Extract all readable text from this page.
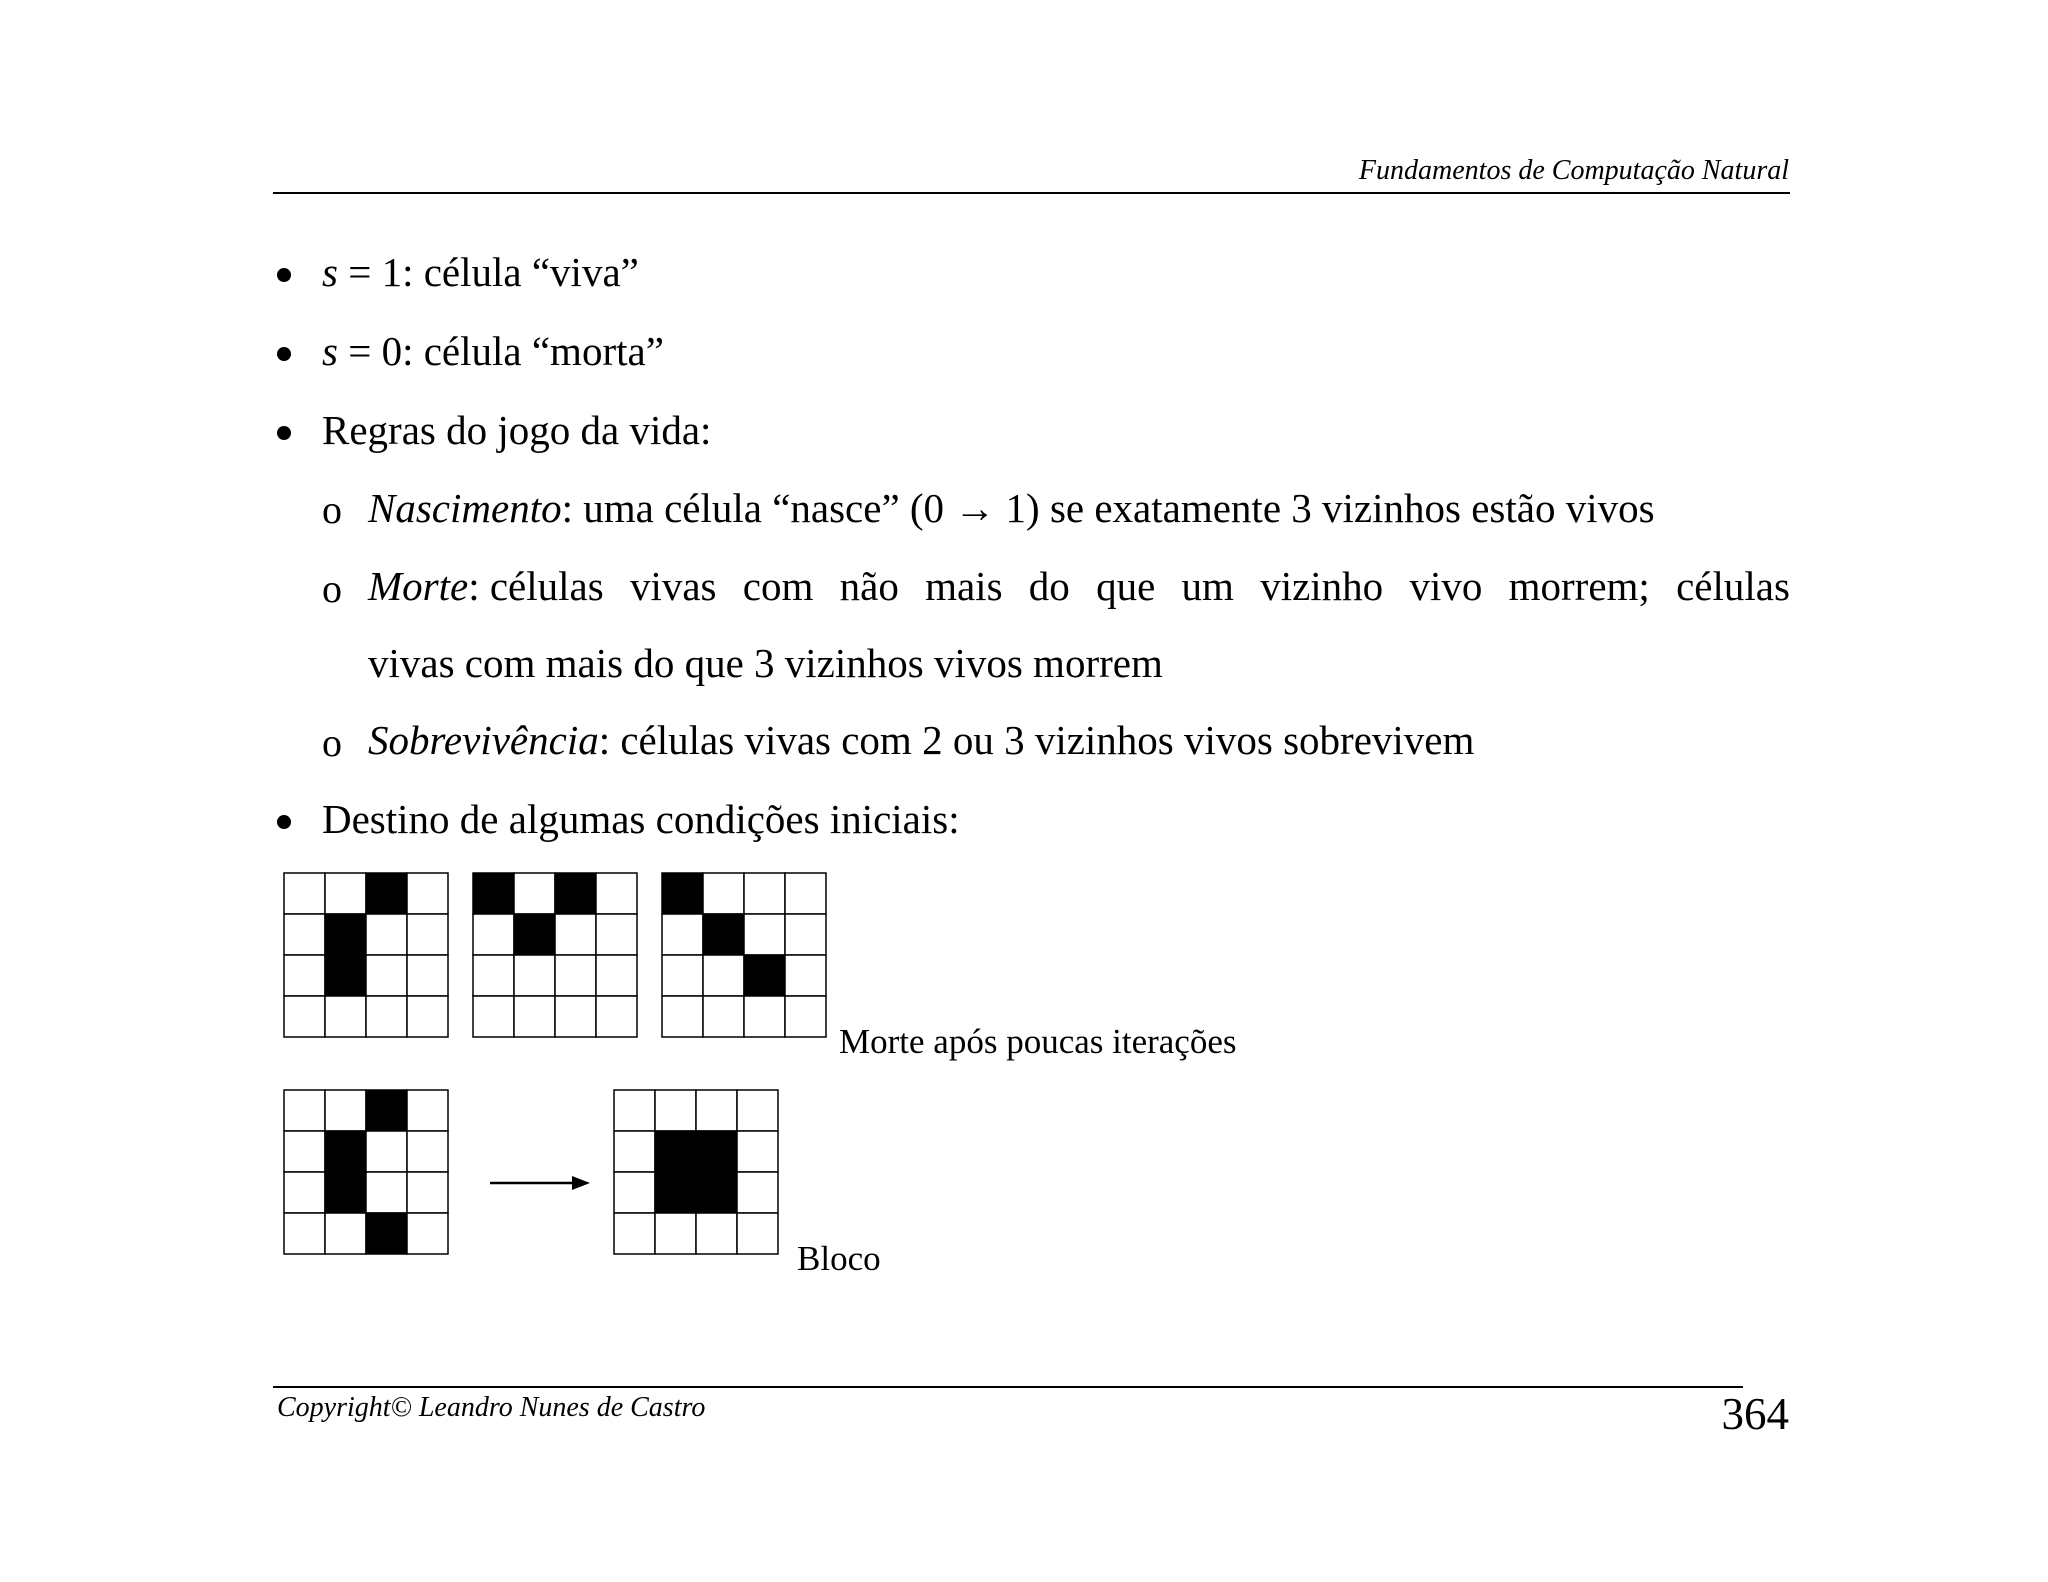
Fundamentos de Computação Natural
s = 1: célula “viva”
s = 0: célula “morta”
Regras do jogo da vida:
o Nascimento: uma célula “nasce” (0 → 1) se exatamente 3 vizinhos estão vivos
o Morte: células vivas com não mais do que um vizinho vivo morrem; células
vivas com mais do que 3 vizinhos vivos morrem
o Sobrevivência: células vivas com 2 ou 3 vizinhos vivos sobrevivem
Destino de algumas condições iniciais:
Morte após poucas iterações
Bloco
Copyright© Leandro Nunes de Castro	364
